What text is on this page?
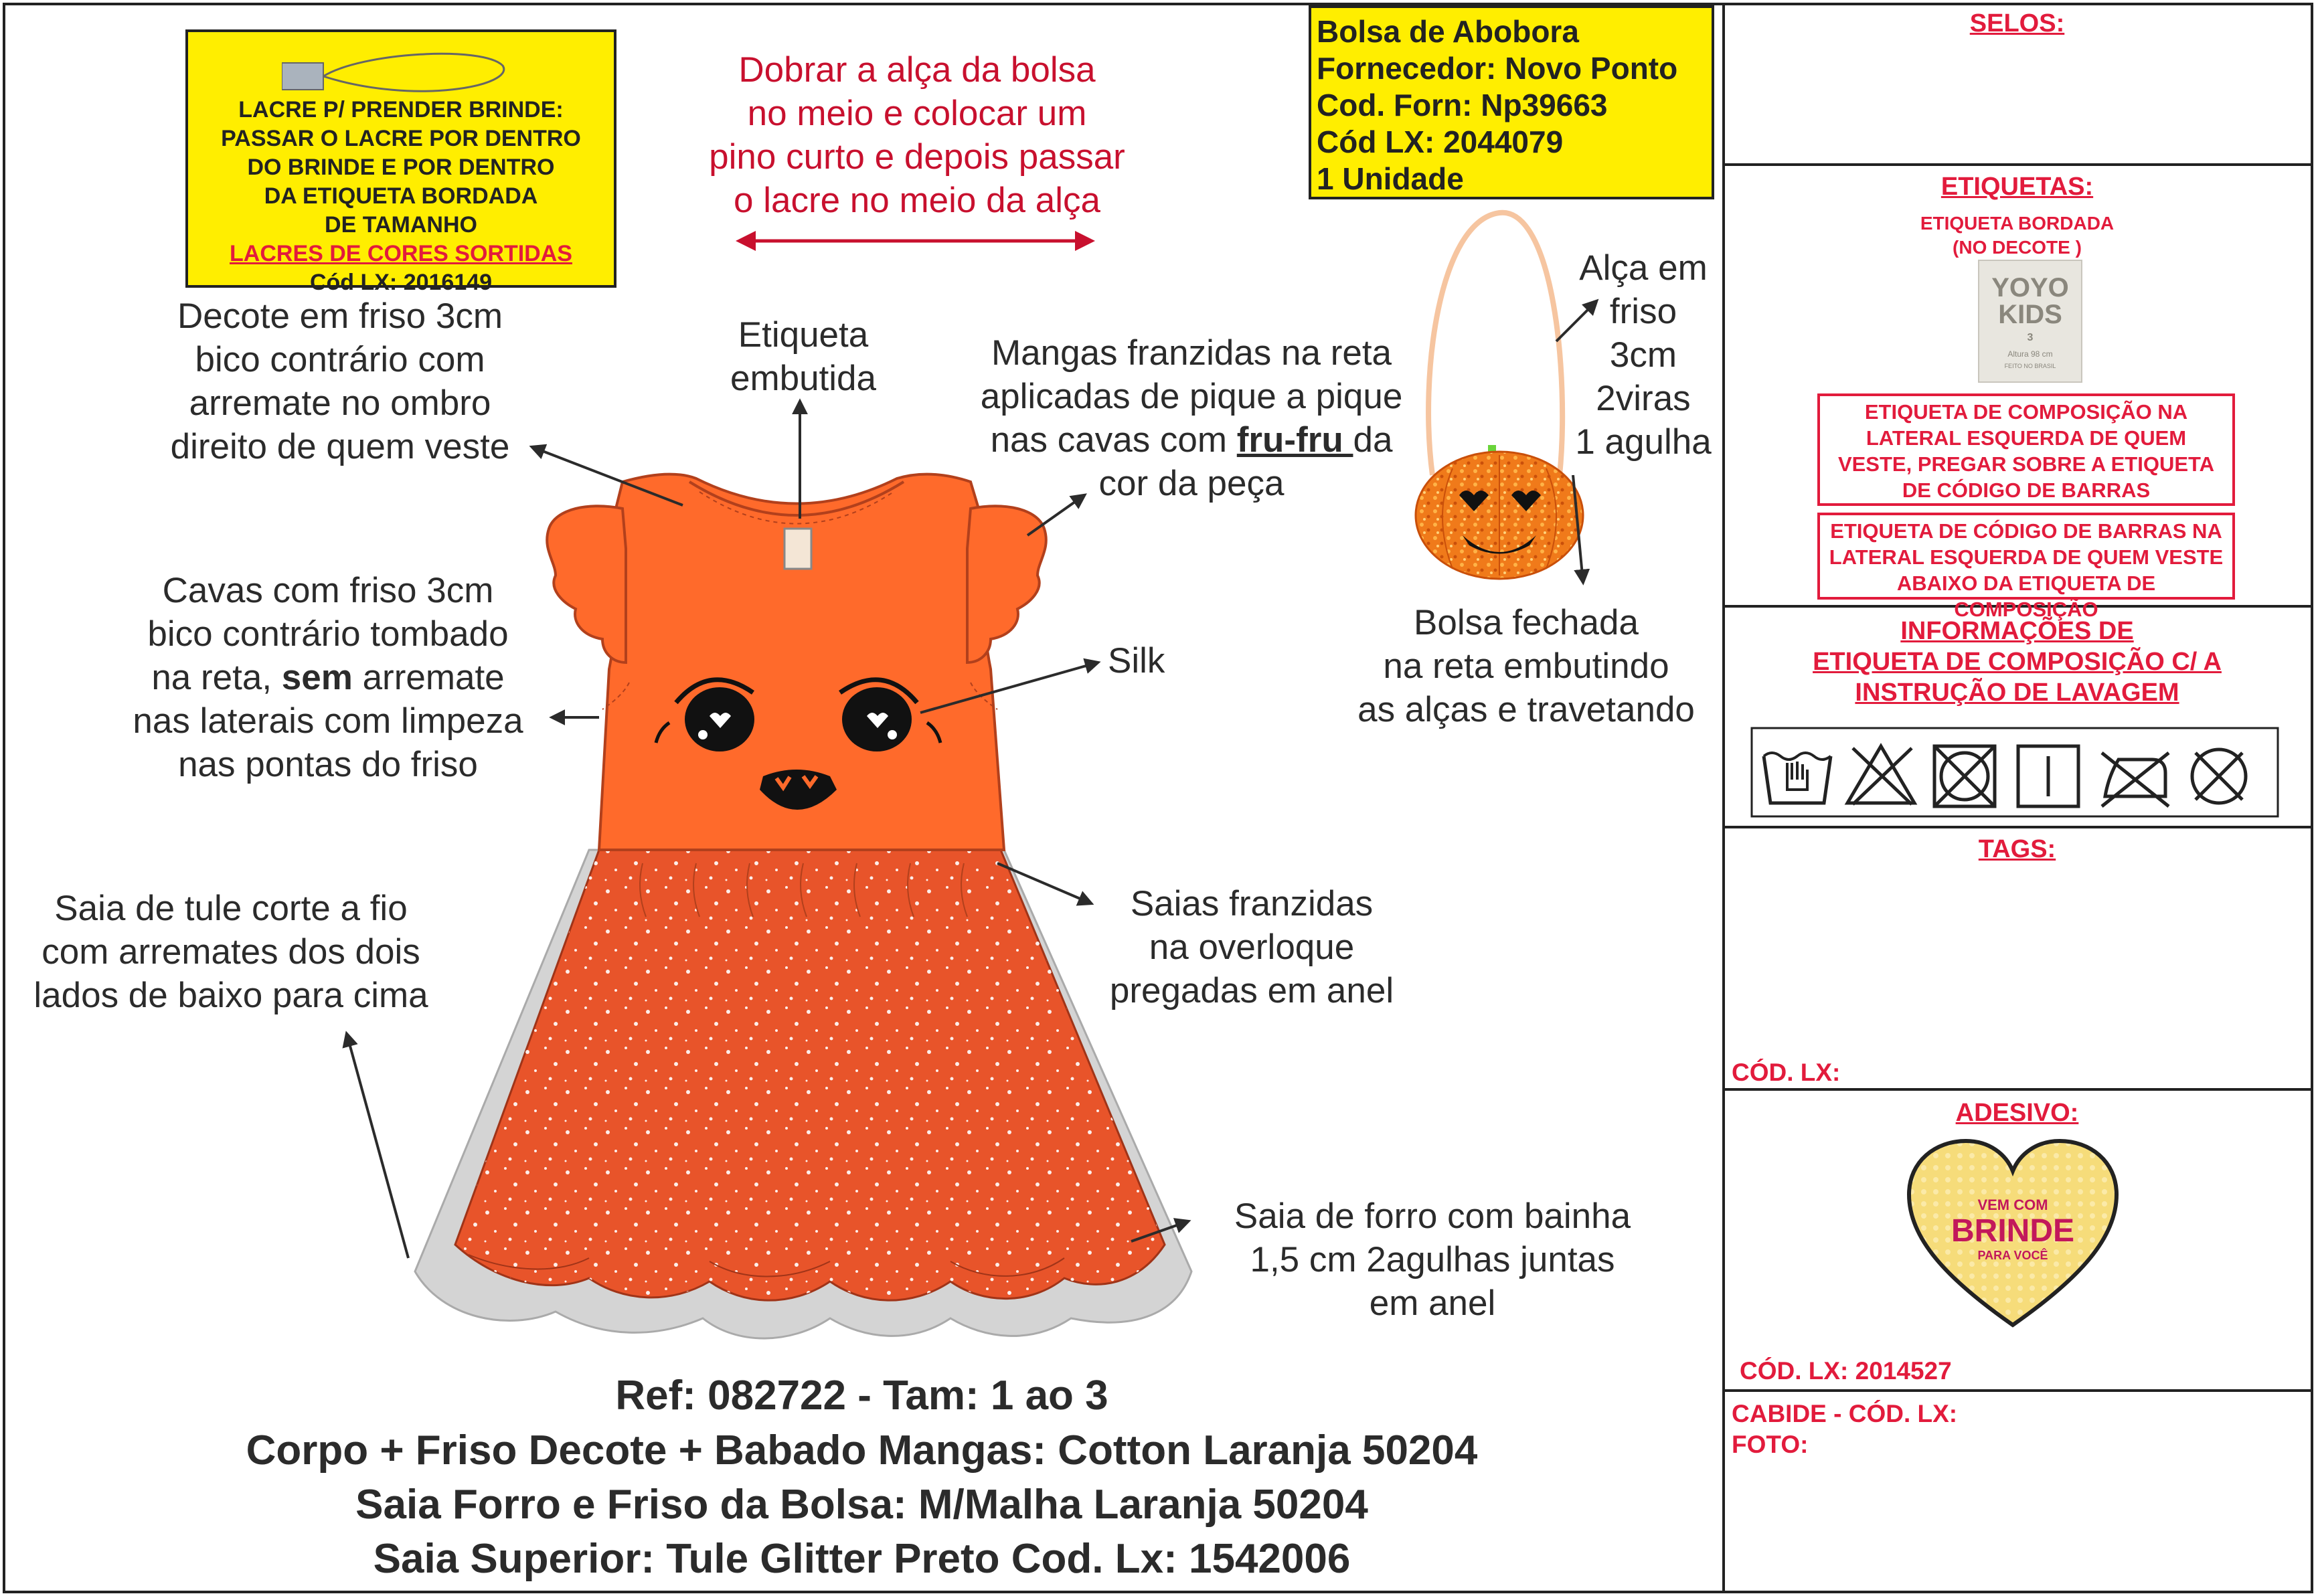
LACRE P/ PRENDER BRINDE:
PASSAR O LACRE POR DENTRO
DO BRINDE E POR DENTRO
DA ETIQUETA BORDADA
DE TAMANHO
LACRES DE CORES SORTIDAS
Cód LX: 2016149
Dobrar a alça da bolsa
no meio e colocar um
pino curto e depois passar
o lacre no meio da alça
Bolsa de Abobora
Fornecedor: Novo Ponto
Cod. Forn: Np39663
Cód LX: 2044079
1 Unidade
Decote em friso 3cm
bico contrário com
arremate no ombro
direito de quem veste
Etiqueta
embutida
Mangas franzidas na reta
aplicadas de pique a pique
nas cavas com fru-fru da
cor da peça
Cavas com friso 3cm
bico contrário tombado
na reta, sem arremate
nas laterais com limpeza
nas pontas do friso
Silk
Saia de tule corte a fio
com arremates dos dois
lados de baixo para cima
Saias franzidas
na overloque
pregadas em anel
Saia de forro com bainha
1,5 cm 2agulhas juntas
em anel
Alça em
friso
3cm
2viras
1 agulha
Bolsa fechada
na reta embutindo
as alças e travetando
Ref: 082722 - Tam: 1 ao 3
Corpo + Friso Decote + Babado Mangas: Cotton Laranja 50204
Saia Forro e Friso da Bolsa: M/Malha Laranja 50204
Saia Superior: Tule Glitter Preto Cod. Lx: 1542006
SELOS:
ETIQUETAS:
ETIQUETA BORDADA
(NO DECOTE )
YOYO
KIDS
3
Altura 98 cm
FEITO NO BRASIL
ETIQUETA DE COMPOSIÇÃO NA
LATERAL ESQUERDA DE QUEM
VESTE, PREGAR SOBRE A ETIQUETA
DE CÓDIGO DE BARRAS
ETIQUETA DE CÓDIGO DE BARRAS NA
LATERAL ESQUERDA DE QUEM VESTE
ABAIXO DA ETIQUETA DE COMPOSIÇÃO
INFORMAÇÕES DE
ETIQUETA DE COMPOSIÇÃO C/ A
INSTRUÇÃO DE LAVAGEM
TAGS:
CÓD. LX:
ADESIVO:
VEM COM
BRINDE
PARA VOCÊ
CÓD. LX: 2014527
CABIDE - CÓD. LX:
FOTO:
